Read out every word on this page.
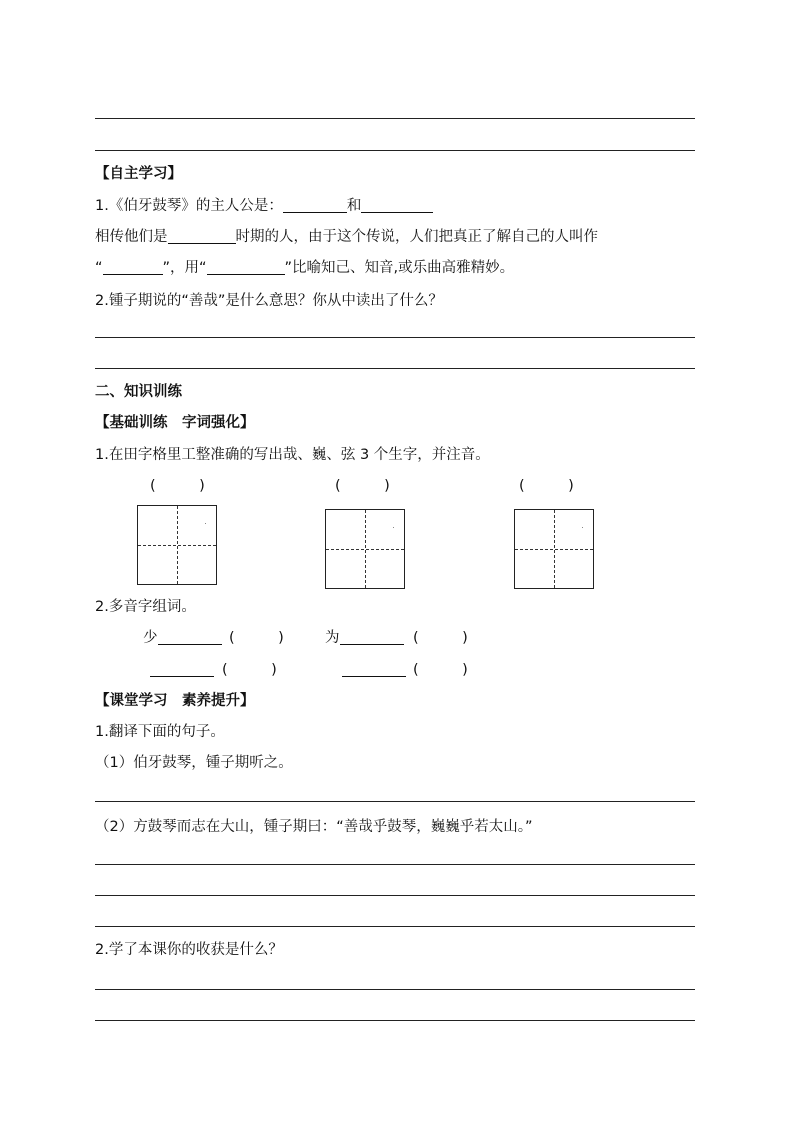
【自主学习】
1.《伯牙鼓琴》的主人公是：	和
相传他们是	时期的人，由于这个传说，人们把真正了解自己的人叫作
“	”，用“	”比喻知己、知音,或乐曲高雅精妙。
2.锺子期说的“善哉”是什么意思？你从中读出了什么？
二、知识训练
【基础训练　字词强化】
1.在田字格里工整准确的写出哉、巍、弦 3 个生字，并注音。
(　　　)	(　　　)	(　　　)
2.多音字组词。
少	(　　　)	为	(　　　)
(　　　)	(　　　)
【课堂学习　素养提升】
1.翻译下面的句子。
（1）伯牙鼓琴，锺子期听之。
（2）方鼓琴而志在大山，锺子期曰：“善哉乎鼓琴，巍巍乎若太山。”
2.学了本课你的收获是什么？
